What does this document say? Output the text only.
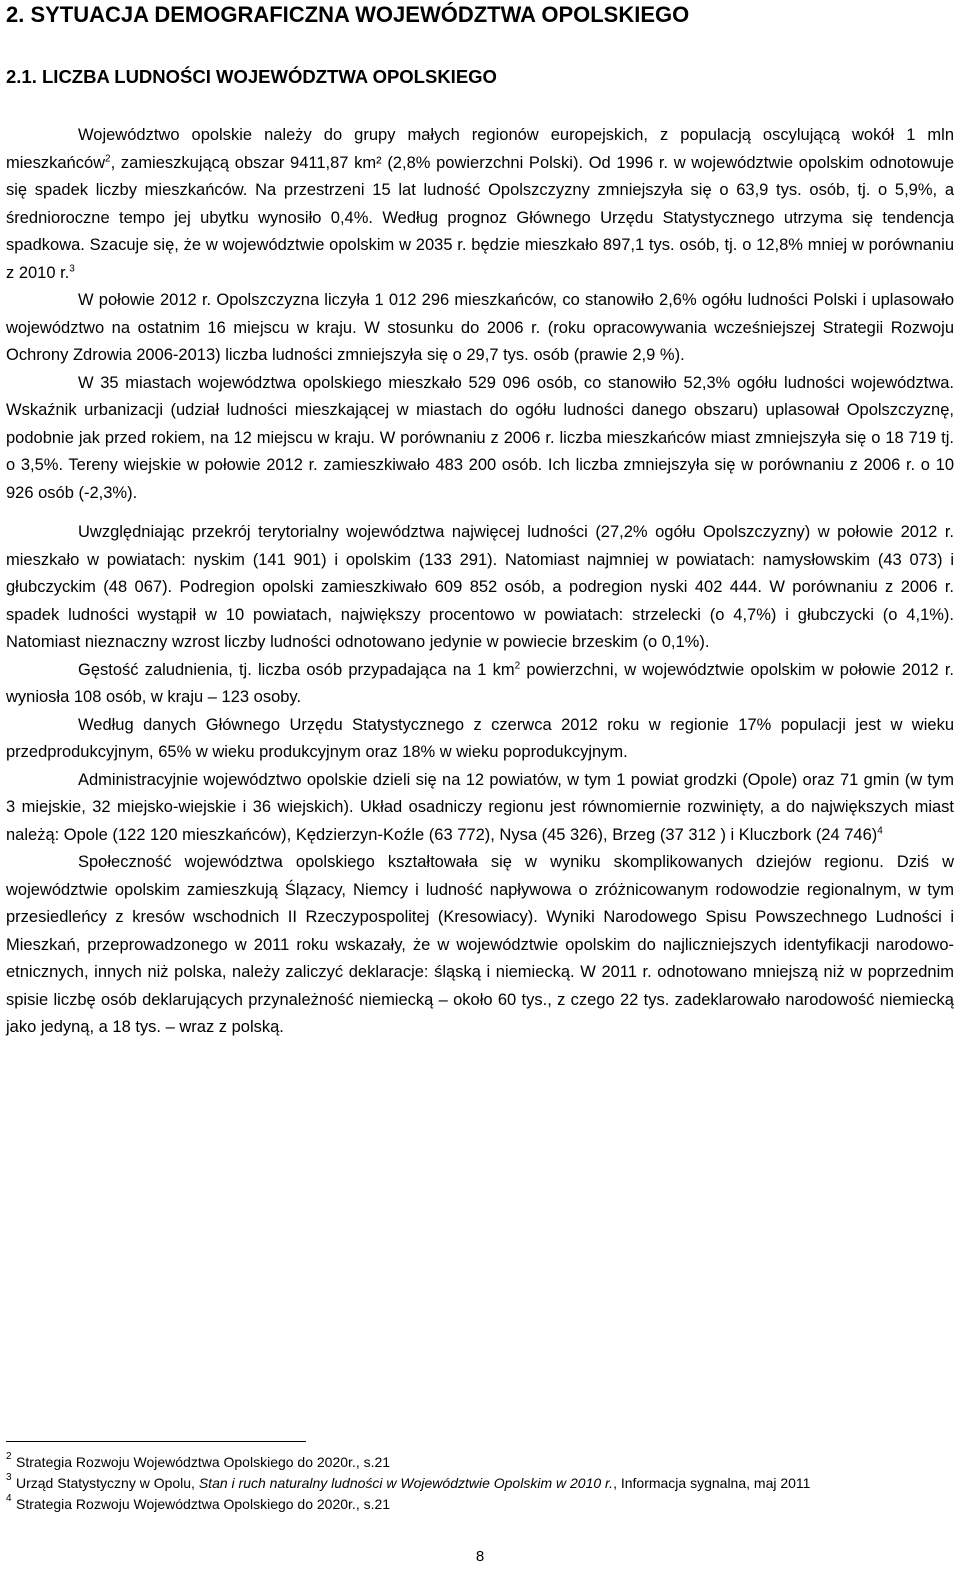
2. SYTUACJA DEMOGRAFICZNA WOJEWÓDZTWA OPOLSKIEGO
2.1. LICZBA LUDNOŚCI WOJEWÓDZTWA OPOLSKIEGO

Województwo opolskie należy do grupy małych regionów europejskich, z populacją oscylującą wokół 1 mln mieszkańców$^2$, zamieszkującą obszar 9411,87 km² (2,8% powierzchni Polski). Od 1996 r. w województwie opolskim odnotowuje się spadek liczby mieszkańców. Na przestrzeni 15 lat ludność Opolszczyzny zmniejszyła się o 63,9 tys. osób, tj. o 5,9%, a średnioroczne tempo jej ubytku wynosiło 0,4%. Według prognoz Głównego Urzędu Statystycznego utrzyma się tendencja spadkowa. Szacuje się, że w województwie opolskim w 2035 r. będzie mieszkało 897,1 tys. osób, tj. o 12,8% mniej w porównaniu z 2010 r.$^3$

W połowie 2012 r. Opolszczyzna liczyła 1 012 296 mieszkańców, co stanowiło 2,6% ogółu ludności Polski i uplasowało województwo na ostatnim 16 miejscu w kraju. W stosunku do 2006 r. (roku opracowywania wcześniejszej Strategii Rozwoju Ochrony Zdrowia 2006-2013) liczba ludności zmniejszyła się o 29,7 tys. osób (prawie 2,9 %).

W 35 miastach województwa opolskiego mieszkało 529 096 osób, co stanowiło 52,3% ogółu ludności województwa. Wskaźnik urbanizacji (udział ludności mieszkającej w miastach do ogółu ludności danego obszaru) uplasował Opolszczyznę, podobnie jak przed rokiem, na 12 miejscu w kraju. W porównaniu z 2006 r. liczba mieszkańców miast zmniejszyła się o 18 719 tj. o 3,5%. Tereny wiejskie w połowie 2012 r. zamieszkiwało 483 200 osób. Ich liczba zmniejszyła się w porównaniu z 2006 r. o 10 926 osób (-2,3%).

Uwzględniając przekrój terytorialny województwa najwięcej ludności (27,2% ogółu Opolszczyzny) w połowie 2012 r. mieszkało w powiatach: nyskim (141 901) i opolskim (133 291). Natomiast najmniej w powiatach: namysłowskim (43 073) i głubczyckim (48 067). Podregion opolski zamieszkiwało 609 852 osób, a podregion nyski 402 444. W porównaniu z 2006 r. spadek ludności wystąpił w 10 powiatach, największy procentowo w powiatach: strzelecki (o 4,7%) i głubczycki (o 4,1%). Natomiast nieznaczny wzrost liczby ludności odnotowano jedynie w powiecie brzeskim (o 0,1%).

Gęstość zaludnienia, tj. liczba osób przypadająca na 1 $km^2$ powierzchni, w województwie opolskim w połowie 2012 r. wyniosła 108 osób, w kraju – 123 osoby.

Według danych Głównego Urzędu Statystycznego z czerwca 2012 roku w regionie 17% populacji jest w wieku przedprodukcyjnym, 65% w wieku produkcyjnym oraz 18% w wieku poprodukcyjnym.

Administracyjnie województwo opolskie dzieli się na 12 powiatów, w tym 1 powiat grodzki (Opole) oraz 71 gmin (w tym 3 miejskie, 32 miejsko-wiejskie i 36 wiejskich). Układ osadniczy regionu jest równomiernie rozwinięty, a do największych miast należą: Opole (122 120 mieszkańców), Kędzierzyn-Koźle (63 772), Nysa (45 326), Brzeg (37 312 ) i Kluczbork (24 746)$^4$

Społeczność województwa opolskiego kształtowała się w wyniku skomplikowanych dziejów regionu. Dziś w województwie opolskim zamieszkują Ślązacy, Niemcy i ludność napływowa o zróżnicowanym rodowodzie regionalnym, w tym przesiedleńcy z kresów wschodnich II Rzeczypospolitej (Kresowiacy). Wyniki Narodowego Spisu Powszechnego Ludności i Mieszkań, przeprowadzonego w 2011 roku wskazały, że w województwie opolskim do najliczniejszych identyfikacji narodowo-etnicznych, innych niż polska, należy zaliczyć deklaracje: śląską i niemiecką. W 2011 r. odnotowano mniejszą niż w poprzednim spisie liczbę osób deklarujących przynależność niemiecką – około 60 tys., z czego 22 tys. zadeklarowało narodowość niemiecką jako jedyną, a 18 tys. – wraz z polską.

2 Strategia Rozwoju Województwa Opolskiego do 2020r., s.21
3 Urząd Statystyczny w Opolu, Stan i ruch naturalny ludności w Województwie Opolskim w 2010 r., Informacja sygnalna, maj 2011
4 Strategia Rozwoju Województwa Opolskiego do 2020r., s.21
8
